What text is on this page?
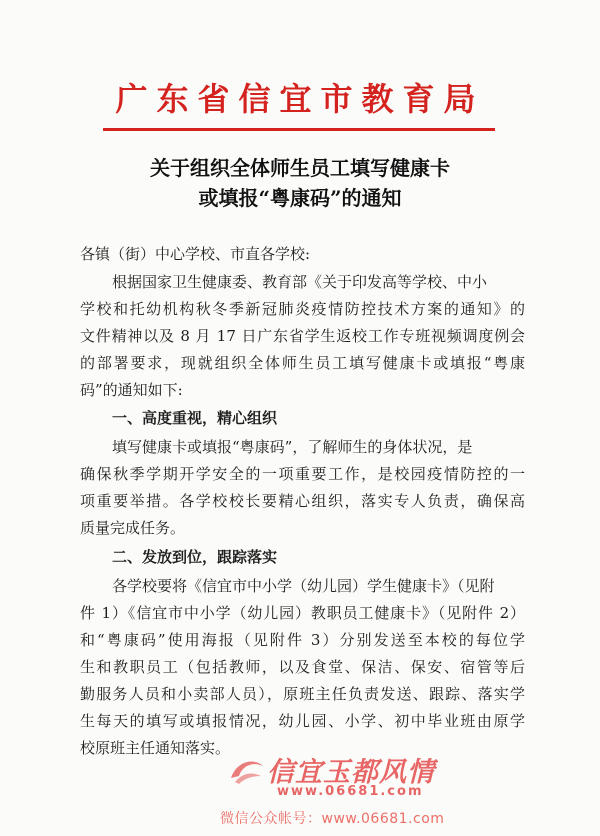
广东省信宜市教育局
关于组织全体师生员工填写健康卡
或填报“粤康码”的通知
各镇（街）中心学校、市直各学校:
根据国家卫生健康委、教育部《关于印发高等学校、中小
学校和托幼机构秋冬季新冠肺炎疫情防控技术方案的通知》的
文件精神以及 8 月 17 日广东省学生返校工作专班视频调度例会
的部署要求，现就组织全体师生员工填写健康卡或填报“粤康
码”的通知如下:
一、高度重视，精心组织
填写健康卡或填报“粤康码”，了解师生的身体状况，是
确保秋季学期开学安全的一项重要工作，是校园疫情防控的一
项重要举措。各学校校长要精心组织，落实专人负责，确保高
质量完成任务。
二、发放到位，跟踪落实
各学校要将《信宜市中小学（幼儿园）学生健康卡》（见附
件 1）《信宜市中小学（幼儿园）教职员工健康卡》（见附件 2）
和“粤康码”使用海报（见附件 3）分别发送至本校的每位学
生和教职员工（包括教师，以及食堂、保洁、保安、宿管等后
勤服务人员和小卖部人员），原班主任负责发送、跟踪、落实学
生每天的填写或填报情况，幼儿园、小学、初中毕业班由原学
校原班主任通知落实。
信宜玉都风情
www.06681.com
微信公众帐号：www.06681.com
